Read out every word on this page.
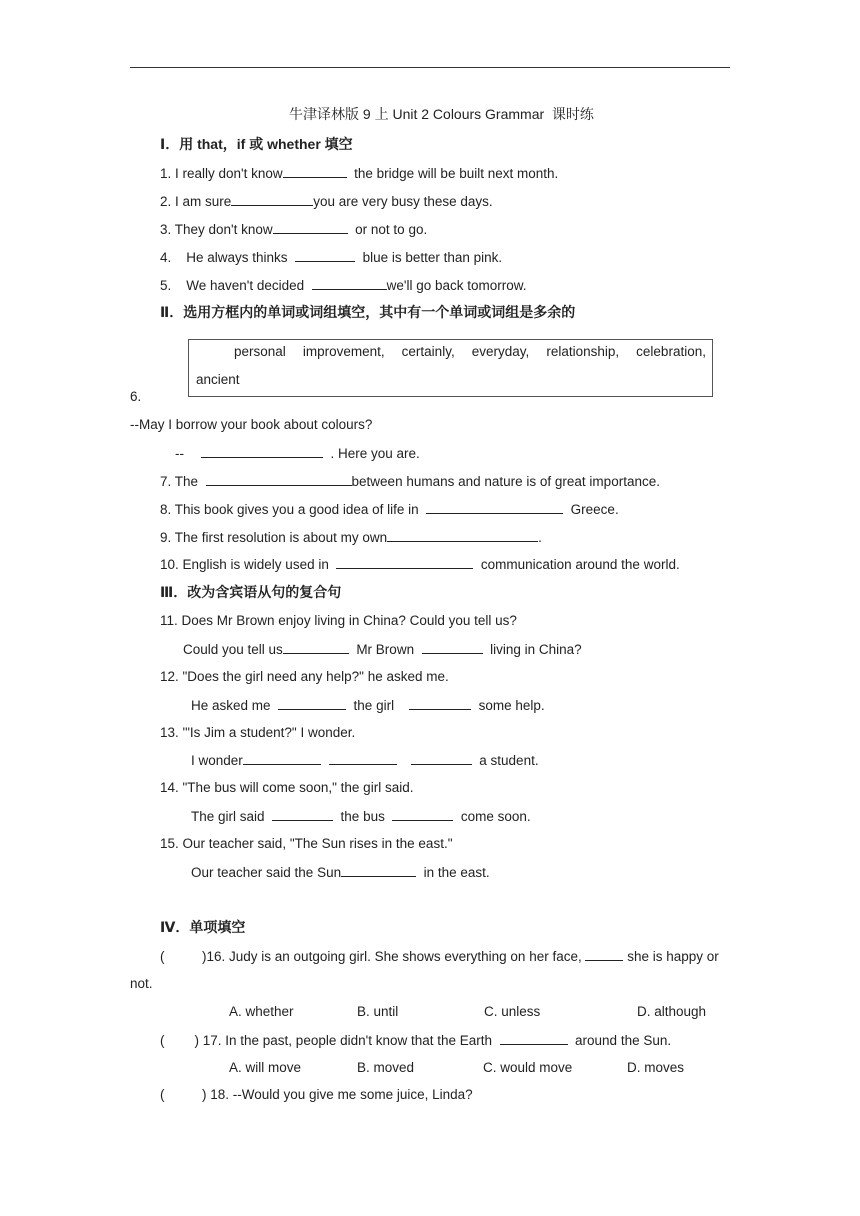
牛津译林版 9 上 Unit 2 Colours Grammar  课时练
Ⅰ．用 that，if 或 whether 填空
1. I really don't know	the bridge will be built next month.
2. I am sure	you are very busy these days.
3. They don't know	or not to go.
4.    He always thinks	blue is better than pink.
5.    We haven't decided	we'll go back tomorrow.
Ⅱ．选用方框内的单词或词组填空，其中有一个单词或词组是多余的
personal improvement, certainly, everyday, relationship, celebration,
ancient
6.
--May I borrow your book about colours?
--	. Here you are.
7. The	between humans and nature is of great importance.
8. This book gives you a good idea of life in	Greece.
9. The first resolution is about my own	.
10. English is widely used in	communication around the world.
Ⅲ．改为含宾语从句的复合句
11. Does Mr Brown enjoy living in China? Could you tell us?
Could you tell us	Mr Brown	living in China?
12. "Does the girl need any help?" he asked me.
He asked me	the girl	some help.
13. '"Is Jim a student?" I wonder.
I wonder	a student.
14. "The bus will come soon," the girl said.
The girl said	the bus	come soon.
15. Our teacher said, "The Sun rises in the east."
Our teacher said the Sun	in the east.
Ⅳ．单项填空
(          )16. Judy is an outgoing girl. She shows everything on her face,	she is happy or
not.
A. whether	B. until	C. unless	D. although
(        ) 17. In the past, people didn't know that the Earth	around the Sun.
A. will move	B. moved	C. would move	D. moves
(          ) 18. --Would you give me some juice, Linda?
